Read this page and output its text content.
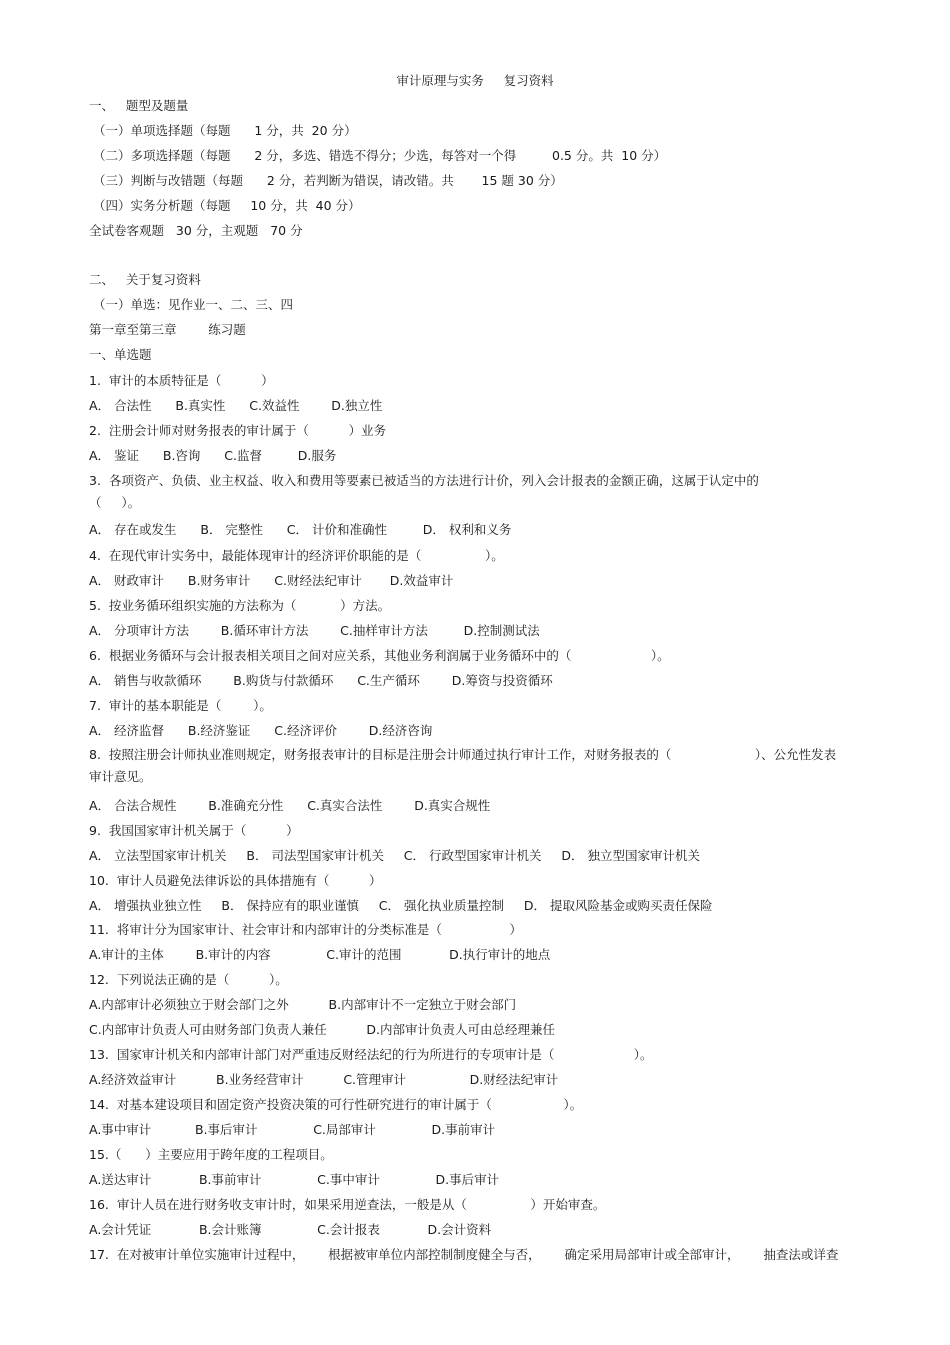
审计原理与实务     复习资料
一、   题型及题量
（一）单项选择题（每题      1 分，共  20 分）
（二）多项选择题（每题      2 分，多选、错选不得分；少选，每答对一个得         0.5 分。共  10 分）
（三）判断与改错题（每题      2 分，若判断为错误，请改错。共       15 题 30 分）
（四）实务分析题（每题     10 分，共  40 分）
全试卷客观题   30 分，主观题   70 分
二、   关于复习资料
（一）单选：见作业一、二、三、四
第一章至第三章        练习题
一、单选题
1.  审计的本质特征是（          ）
A． 合法性      B.真实性      C.效益性        D.独立性
2.  注册会计师对财务报表的审计属于（          ）业务
A． 鉴证      B.咨询      C.监督         D.服务
3.  各项资产、负债、业主权益、收入和费用等要素已被适当的方法进行计价，列入会计报表的金额正确，这属于认定中的
（     ）。
A． 存在或发生      B． 完整性      C． 计价和准确性         D． 权利和义务
4.  在现代审计实务中，最能体现审计的经济评价职能的是（                ）。
A． 财政审计      B.财务审计      C.财经法纪审计       D.效益审计
5.  按业务循环组织实施的方法称为（           ）方法。
A． 分项审计方法        B.循环审计方法        C.抽样审计方法         D.控制测试法
6.  根据业务循环与会计报表相关项目之间对应关系，其他业务利润属于业务循环中的（                    ）。
A． 销售与收款循环        B.购货与付款循环      C.生产循环        D.筹资与投资循环
7.  审计的基本职能是（        ）。
A． 经济监督      B.经济鉴证      C.经济评价        D.经济咨询
8.  按照注册会计师执业准则规定，财务报表审计的目标是注册会计师通过执行审计工作，对财务报表的（                     ）、公允性发表
审计意见。
A． 合法合规性        B.准确充分性      C.真实合法性        D.真实合规性
9.  我国国家审计机关属于（          ）
A． 立法型国家审计机关     B． 司法型国家审计机关     C． 行政型国家审计机关     D． 独立型国家审计机关
10.  审计人员避免法律诉讼的具体措施有（          ）
A． 增强执业独立性     B． 保持应有的职业谨慎     C． 强化执业质量控制     D． 提取风险基金或购买责任保险
11.  将审计分为国家审计、社会审计和内部审计的分类标准是（                 ）
A.审计的主体        B.审计的内容              C.审计的范围            D.执行审计的地点
12.  下列说法正确的是（          ）。
A.内部审计必须独立于财会部门之外          B.内部审计不一定独立于财会部门
C.内部审计负责人可由财务部门负责人兼任          D.内部审计负责人可由总经理兼任
13.  国家审计机关和内部审计部门对严重违反财经法纪的行为所进行的专项审计是（                    ）。
A.经济效益审计          B.业务经营审计          C.管理审计                D.财经法纪审计
14.  对基本建设项目和固定资产投资决策的可行性研究进行的审计属于（                  ）。
A.事中审计           B.事后审计              C.局部审计              D.事前审计
15.（      ）主要应用于跨年度的工程项目。
A.送达审计            B.事前审计              C.事中审计              D.事后审计
16.  审计人员在进行财务收支审计时，如果采用逆查法，一般是从（                ）开始审查。
A.会计凭证            B.会计账簿              C.会计报表            D.会计资料
17.  在对被审计单位实施审计过程中，      根据被审单位内部控制制度健全与否，      确定采用局部审计或全部审计，      抽查法或详查
